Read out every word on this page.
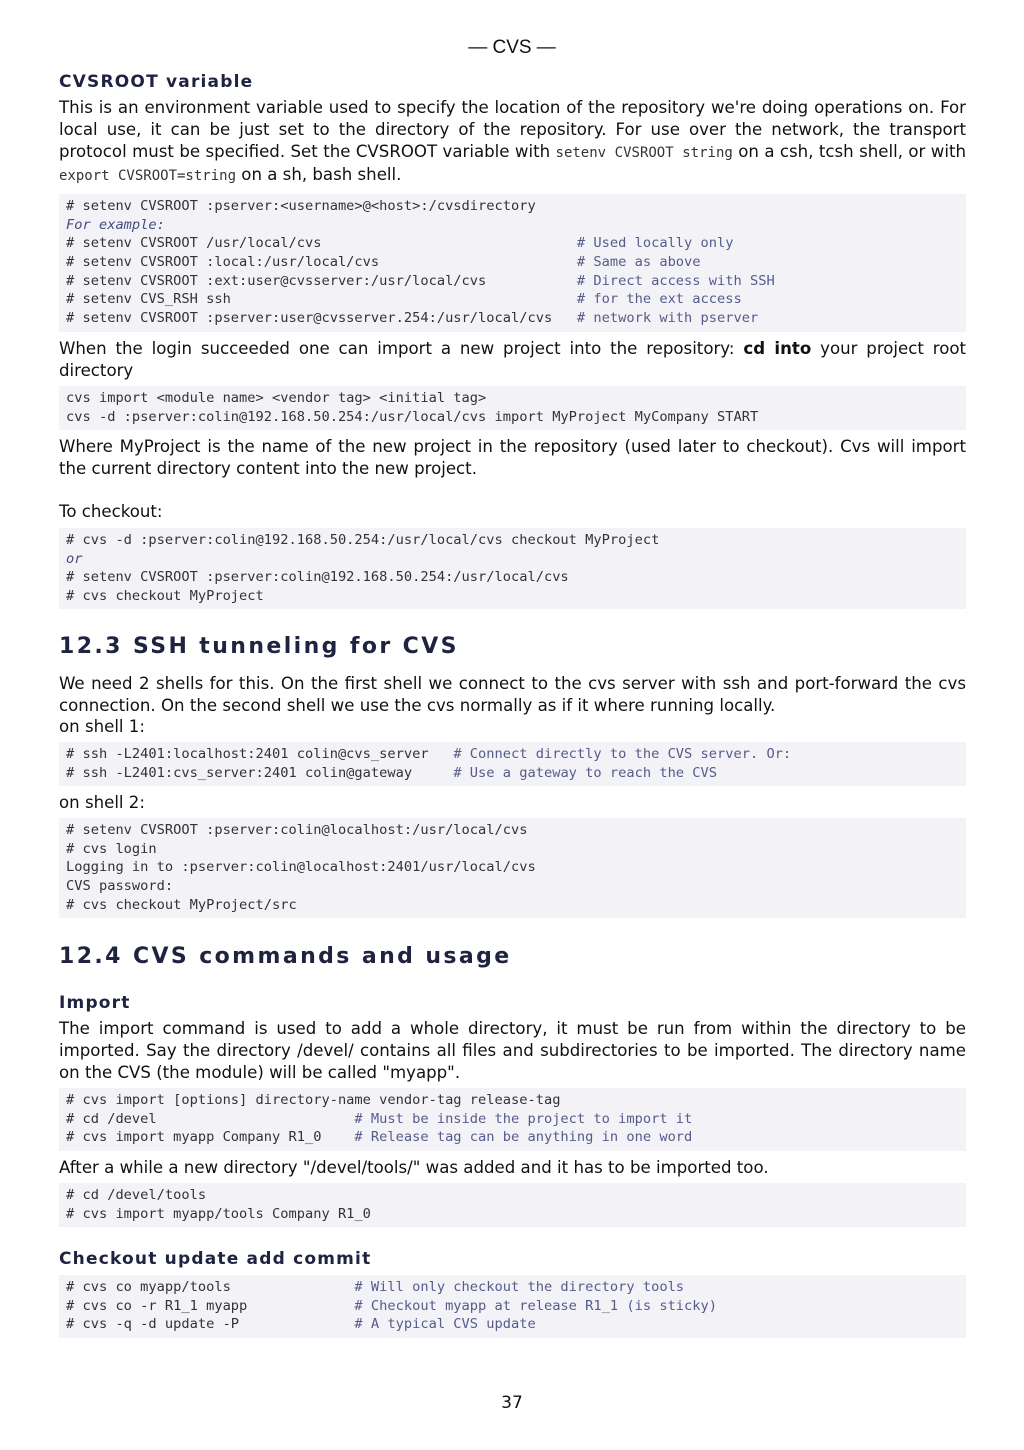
— CVS —
CVSROOT variable
This is an environment variable used to specify the location of the repository we're doing operations on. For local use, it can be just set to the directory of the repository. For use over the network, the transport protocol must be specified. Set the CVSROOT variable with setenv CVSROOT string on a csh, tcsh shell, or with export CVSROOT=string on a sh, bash shell.
# setenv CVSROOT :pserver:<username>@<host>:/cvsdirectory
For example:
# setenv CVSROOT /usr/local/cvs                               # Used locally only
# setenv CVSROOT :local:/usr/local/cvs                        # Same as above
# setenv CVSROOT :ext:user@cvsserver:/usr/local/cvs           # Direct access with SSH
# setenv CVS_RSH ssh                                          # for the ext access
# setenv CVSROOT :pserver:user@cvsserver.254:/usr/local/cvs   # network with pserver
When the login succeeded one can import a new project into the repository: cd into your project root directory
cvs import <module name> <vendor tag> <initial tag>
cvs -d :pserver:colin@192.168.50.254:/usr/local/cvs import MyProject MyCompany START
Where MyProject is the name of the new project in the repository (used later to checkout). Cvs will import the current directory content into the new project.
To checkout:
# cvs -d :pserver:colin@192.168.50.254:/usr/local/cvs checkout MyProject
or
# setenv CVSROOT :pserver:colin@192.168.50.254:/usr/local/cvs
# cvs checkout MyProject
12.3 SSH tunneling for CVS
We need 2 shells for this. On the first shell we connect to the cvs server with ssh and port-forward the cvs connection. On the second shell we use the cvs normally as if it where running locally.
on shell 1:
# ssh -L2401:localhost:2401 colin@cvs_server   # Connect directly to the CVS server. Or:
# ssh -L2401:cvs_server:2401 colin@gateway     # Use a gateway to reach the CVS
on shell 2:
# setenv CVSROOT :pserver:colin@localhost:/usr/local/cvs
# cvs login
Logging in to :pserver:colin@localhost:2401/usr/local/cvs
CVS password:
# cvs checkout MyProject/src
12.4 CVS commands and usage
Import
The import command is used to add a whole directory, it must be run from within the directory to be imported. Say the directory /devel/ contains all files and subdirectories to be imported. The directory name on the CVS (the module) will be called "myapp".
# cvs import [options] directory-name vendor-tag release-tag
# cd /devel                        # Must be inside the project to import it
# cvs import myapp Company R1_0    # Release tag can be anything in one word
After a while a new directory "/devel/tools/" was added and it has to be imported too.
# cd /devel/tools
# cvs import myapp/tools Company R1_0
Checkout update add commit
# cvs co myapp/tools               # Will only checkout the directory tools
# cvs co -r R1_1 myapp             # Checkout myapp at release R1_1 (is sticky)
# cvs -q -d update -P              # A typical CVS update
37
